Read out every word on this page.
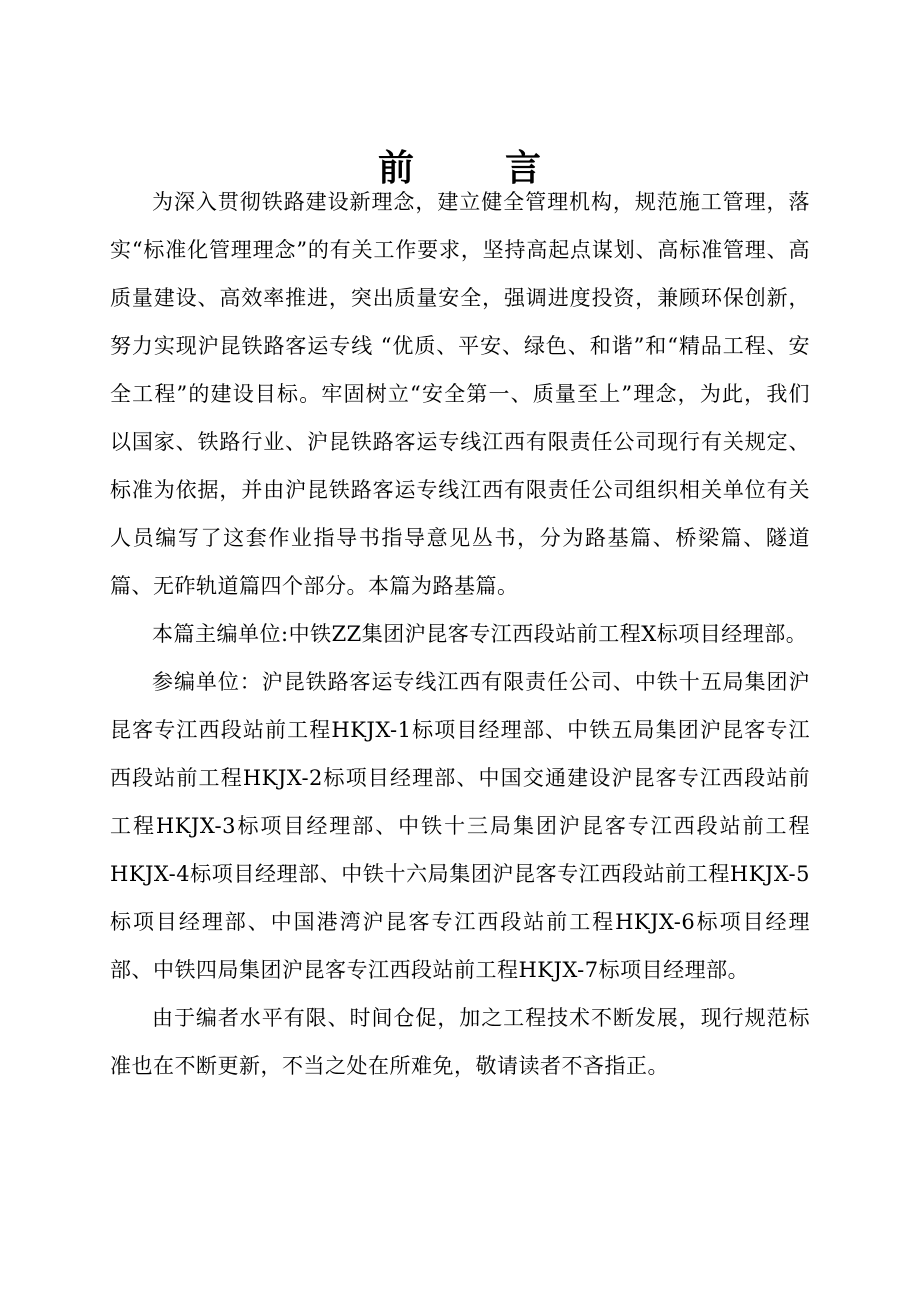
前	言

为深入贯彻铁路建设新理念，建立健全管理机构，规范施工管理，落实“标准化管理理念”的有关工作要求，坚持高起点谋划、高标准管理、高质量建设、高效率推进，突出质量安全，强调进度投资，兼顾环保创新，努力实现沪昆铁路客运专线 “优质、平安、绿色、和谐”和“精品工程、安全工程”的建设目标。牢固树立“安全第一、质量至上”理念，为此，我们以国家、铁路行业、沪昆铁路客运专线江西有限责任公司现行有关规定、标准为依据，并由沪昆铁路客运专线江西有限责任公司组织相关单位有关人员编写了这套作业指导书指导意见丛书，分为路基篇、桥梁篇、隧道篇、无砟轨道篇四个部分。本篇为路基篇。

本篇主编单位:中铁ZZ集团沪昆客专江西段站前工程X标项目经理部。

参编单位：沪昆铁路客运专线江西有限责任公司、中铁十五局集团沪昆客专江西段站前工程HKJX-1标项目经理部、中铁五局集团沪昆客专江西段站前工程HKJX-2标项目经理部、中国交通建设沪昆客专江西段站前工程HKJX-3标项目经理部、中铁十三局集团沪昆客专江西段站前工程HKJX-4标项目经理部、中铁十六局集团沪昆客专江西段站前工程HKJX-5标项目经理部、中国港湾沪昆客专江西段站前工程HKJX-6标项目经理部、中铁四局集团沪昆客专江西段站前工程HKJX-7标项目经理部。

由于编者水平有限、时间仓促，加之工程技术不断发展，现行规范标准也在不断更新，不当之处在所难免，敬请读者不吝指正。
